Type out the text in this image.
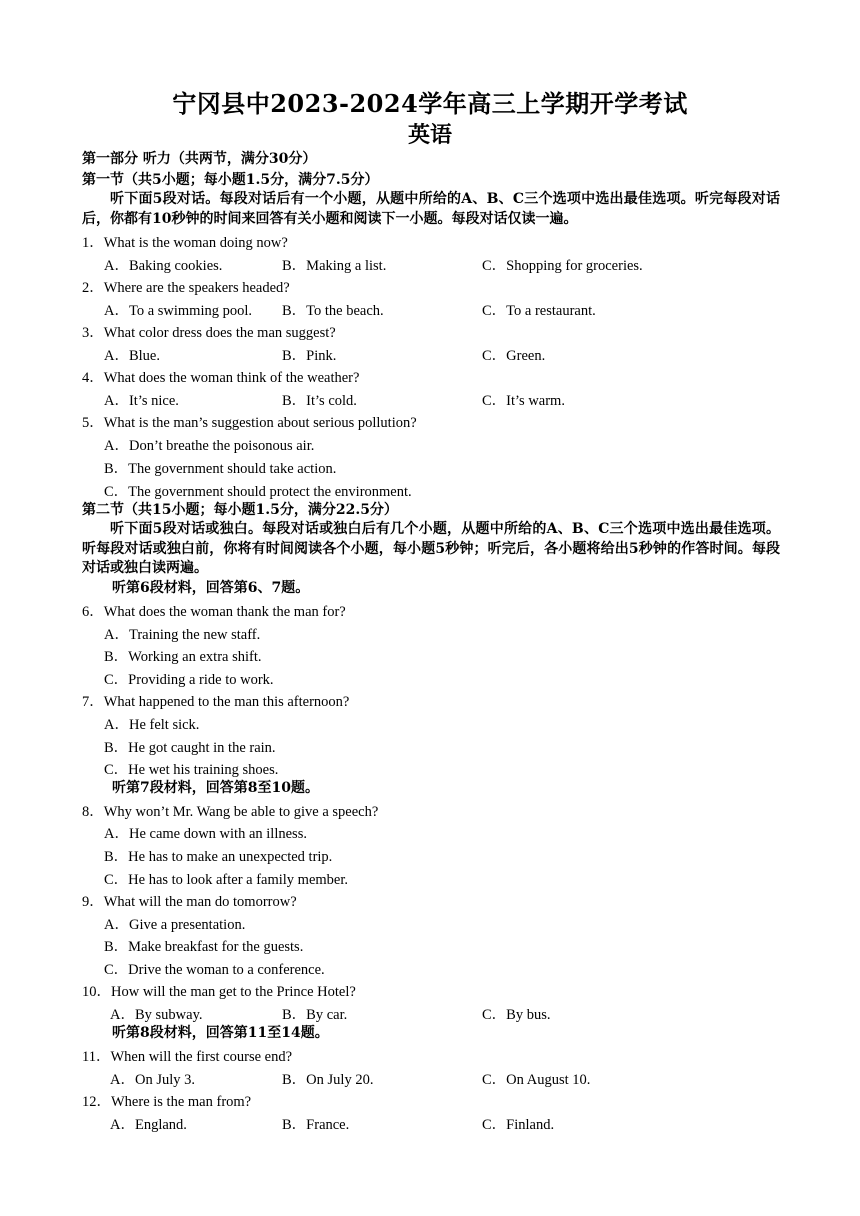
宁冈县中2023-2024学年高三上学期开学考试
英语
第一部分 听力（共两节，满分30分）
第一节（共5小题；每小题1.5分，满分7.5分）
听下面5段对话。每段对话后有一个小题，从题中所给的A、B、C三个选项中选出最佳选项。听完每段对话后，你都有10秒钟的时间来回答有关小题和阅读下一小题。每段对话仅读一遍。
1．What is the woman doing now?
A．Baking cookies.	B．Making a list.	C．Shopping for groceries.
2．Where are the speakers headed?
A．To a swimming pool. B．To the beach.	C．To a restaurant.
3．What color dress does the man suggest?
A．Blue.	B．Pink.	C．Green.
4．What does the woman think of the weather?
A．It’s nice.	B．It’s cold.	C．It’s warm.
5．What is the man’s suggestion about serious pollution?
A．Don’t breathe the poisonous air.
B．The government should take action.
C．The government should protect the environment.
第二节（共15小题；每小题1.5分，满分22.5分）
听下面5段对话或独白。每段对话或独白后有几个小题，从题中所给的A、B、C三个选项中选出最佳选项。听每段对话或独白前，你将有时间阅读各个小题，每小题5秒钟；听完后，各小题将给出5秒钟的作答时间。每段对话或独白读两遍。
听第6段材料，回答第6、7题。
6．What does the woman thank the man for?
A．Training the new staff.
B．Working an extra shift.
C．Providing a ride to work.
7．What happened to the man this afternoon?
A．He felt sick.
B．He got caught in the rain.
C．He wet his training shoes.
听第7段材料，回答第8至10题。
8．Why won’t Mr. Wang be able to give a speech?
A．He came down with an illness.
B．He has to make an unexpected trip.
C．He has to look after a family member.
9．What will the man do tomorrow?
A．Give a presentation.
B．Make breakfast for the guests.
C．Drive the woman to a conference.
10．How will the man get to the Prince Hotel?
A．By subway.	B．By car.	C．By bus.
听第8段材料，回答第11至14题。
11．When will the first course end?
A．On July 3.	B．On July 20.	C．On August 10.
12．Where is the man from?
A．England.	B．France.	C．Finland.
